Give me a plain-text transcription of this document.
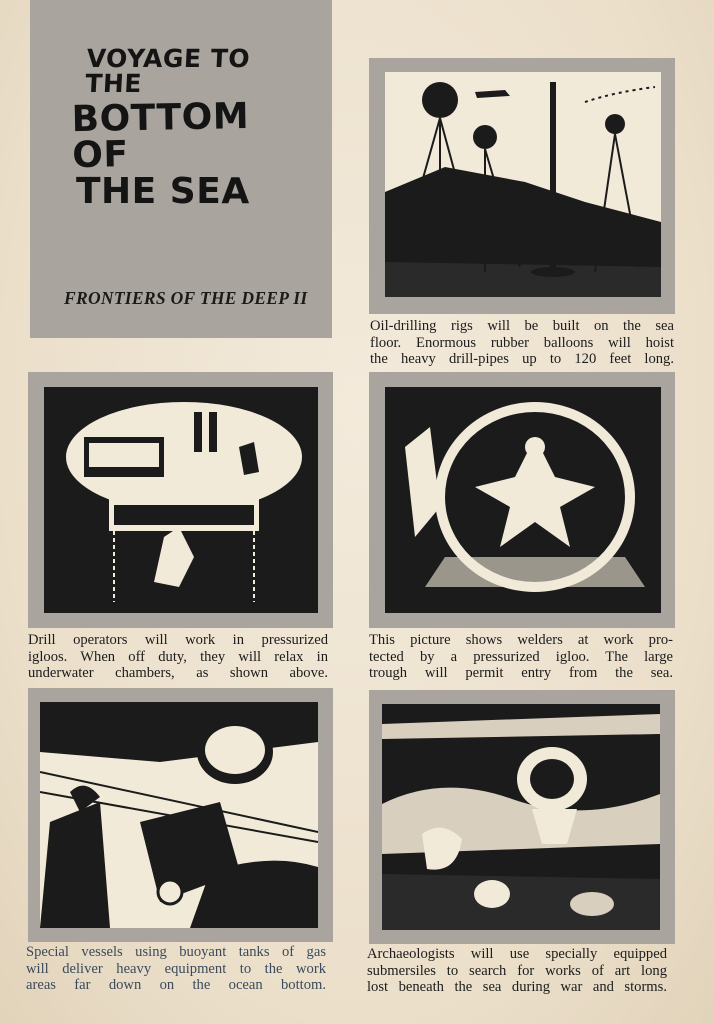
VOYAGE TO THE
BOTTOM OF
THE SEA
FRONTIERS OF THE DEEP II
Oil-drilling rigs will be built on the sea
floor. Enormous rubber balloons will hoist
the heavy drill-pipes up to 120 feet long.
Drill operators will work in pressurized
igloos. When off duty, they will relax in
underwater chambers, as shown above.
This picture shows welders at work pro-
tected by a pressurized igloo. The large
trough will permit entry from the sea.
Special vessels using buoyant tanks of gas
will deliver heavy equipment to the work
areas far down on the ocean bottom.
Archaeologists will use specially equipped
submersiles to search for works of art long
lost beneath the sea during war and storms.
